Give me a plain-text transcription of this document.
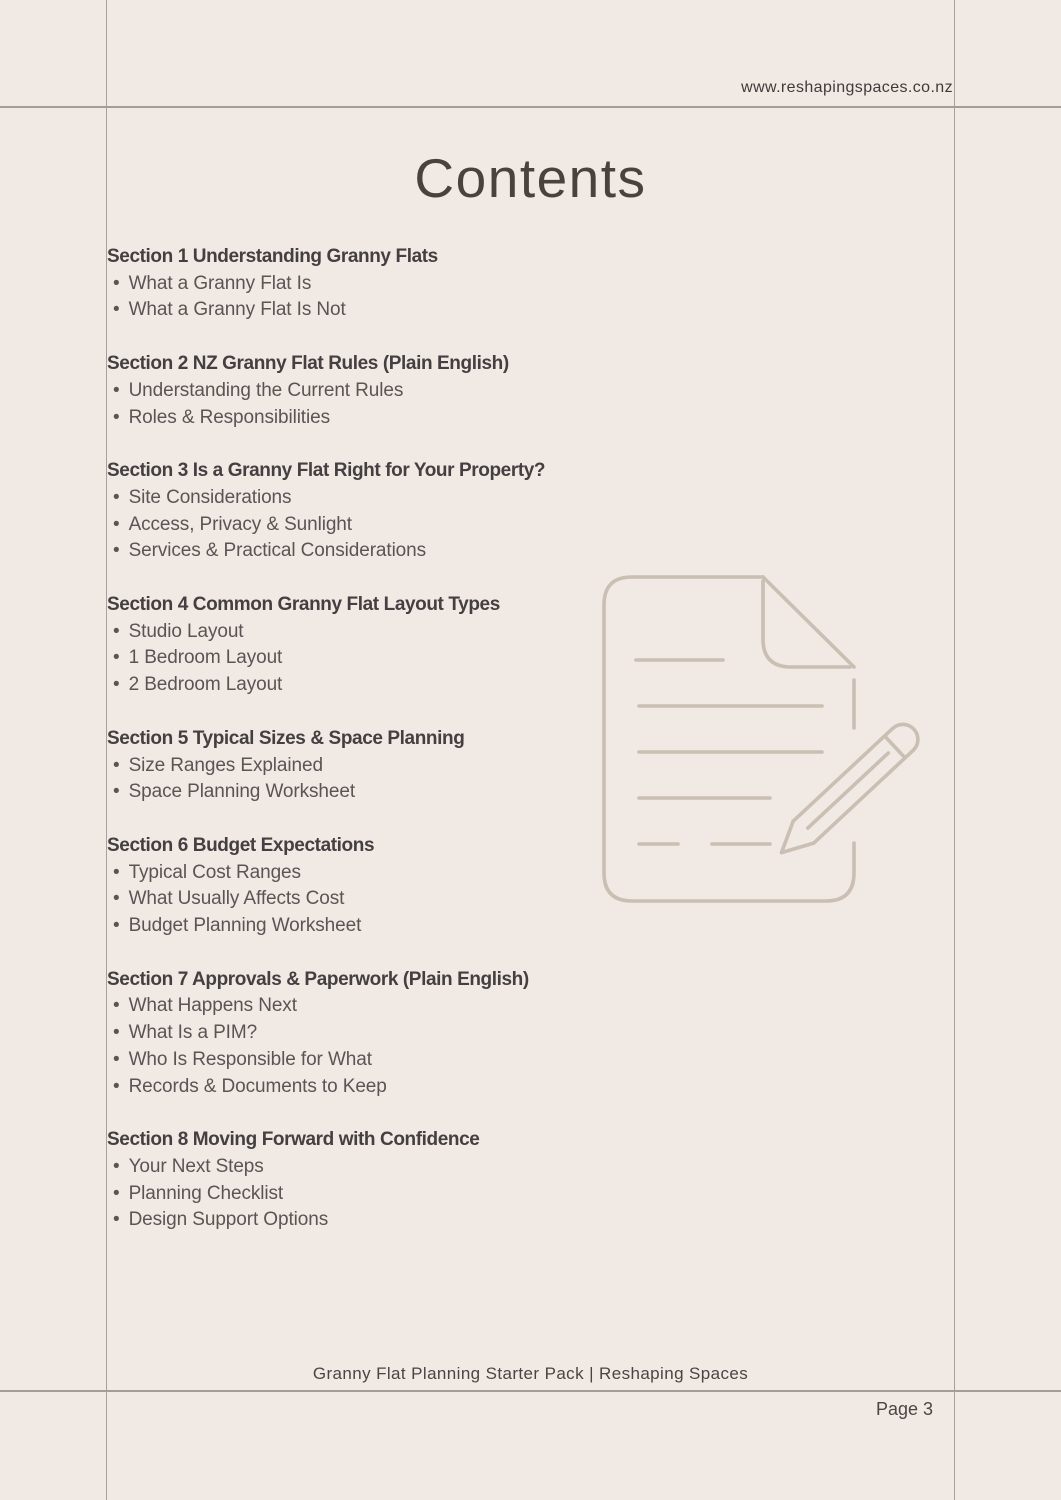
www.reshapingspaces.co.nz
Contents
Section 1 Understanding Granny Flats
• What a Granny Flat Is
• What a Granny Flat Is Not
Section 2 NZ Granny Flat Rules (Plain English)
• Understanding the Current Rules
• Roles & Responsibilities
Section 3 Is a Granny Flat Right for Your Property?
• Site Considerations
• Access, Privacy & Sunlight
• Services & Practical Considerations
Section 4 Common Granny Flat Layout Types
• Studio Layout
• 1 Bedroom Layout
• 2 Bedroom Layout
Section 5 Typical Sizes & Space Planning
• Size Ranges Explained
• Space Planning Worksheet
Section 6 Budget Expectations
• Typical Cost Ranges
• What Usually Affects Cost
• Budget Planning Worksheet
Section 7 Approvals & Paperwork (Plain English)
• What Happens Next
• What Is a PIM?
• Who Is Responsible for What
• Records & Documents to Keep
Section 8 Moving Forward with Confidence
• Your Next Steps
• Planning Checklist
• Design Support Options
Granny Flat Planning Starter Pack | Reshaping Spaces
Page 3
